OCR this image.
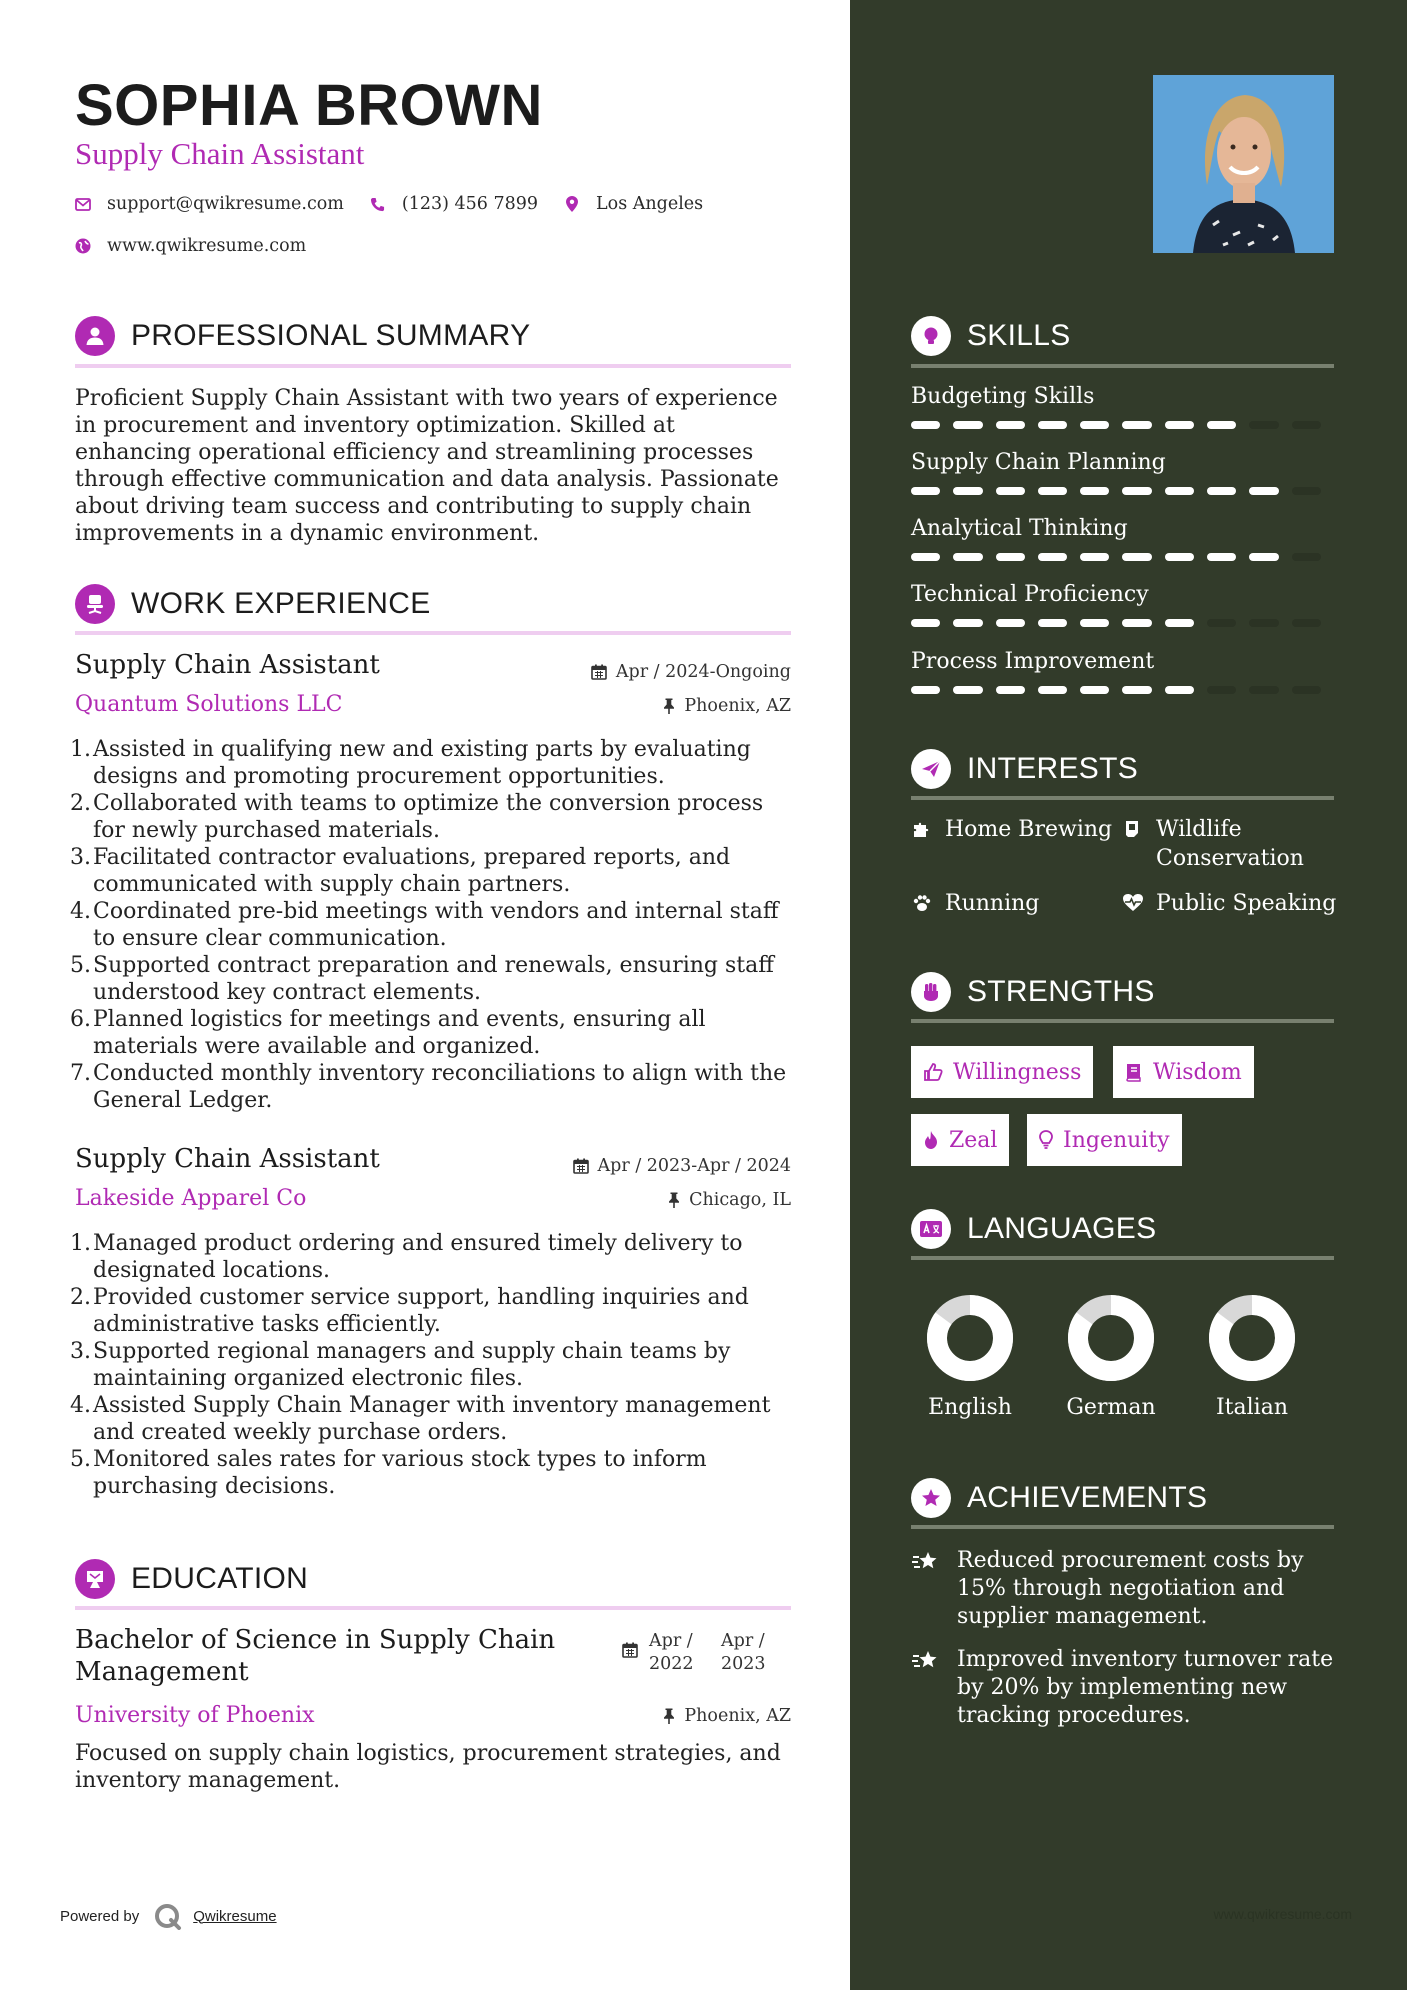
SOPHIA BROWN
Supply Chain Assistant
support@qwikresume.com	(123) 456 7899	Los Angeles
www.qwikresume.com
PROFESSIONAL SUMMARY
Proficient Supply Chain Assistant with two years of experience in procurement and inventory optimization. Skilled at enhancing operational efficiency and streamlining processes through effective communication and data analysis. Passionate about driving team success and contributing to supply chain improvements in a dynamic environment.
WORK EXPERIENCE
Supply Chain Assistant	Apr / 2024-Ongoing
Quantum Solutions LLC	Phoenix, AZ
1. Assisted in qualifying new and existing parts by evaluating designs and promoting procurement opportunities.
2. Collaborated with teams to optimize the conversion process for newly purchased materials.
3. Facilitated contractor evaluations, prepared reports, and communicated with supply chain partners.
4. Coordinated pre-bid meetings with vendors and internal staff to ensure clear communication.
5. Supported contract preparation and renewals, ensuring staff understood key contract elements.
6. Planned logistics for meetings and events, ensuring all materials were available and organized.
7. Conducted monthly inventory reconciliations to align with the General Ledger.
Supply Chain Assistant	Apr / 2023-Apr / 2024
Lakeside Apparel Co	Chicago, IL
1. Managed product ordering and ensured timely delivery to designated locations.
2. Provided customer service support, handling inquiries and administrative tasks efficiently.
3. Supported regional managers and supply chain teams by maintaining organized electronic files.
4. Assisted Supply Chain Manager with inventory management and created weekly purchase orders.
5. Monitored sales rates for various stock types to inform purchasing decisions.
EDUCATION
Bachelor of Science in Supply Chain Management
Apr / 2022
Apr / 2023
University of Phoenix	Phoenix, AZ
Focused on supply chain logistics, procurement strategies, and inventory management.
Powered by	Qwikresume
SKILLS
Budgeting Skills
Supply Chain Planning
Analytical Thinking
Technical Proficiency
Process Improvement
INTERESTS
Home Brewing Wildlife Conservation
Running	Public Speaking
STRENGTHS
Willingness	Wisdom
Zeal	Ingenuity
LANGUAGES
English	German	Italian
ACHIEVEMENTS
Reduced procurement costs by 15% through negotiation and supplier management.
Improved inventory turnover rate by 20% by implementing new tracking procedures.
www.qwikresume.com
